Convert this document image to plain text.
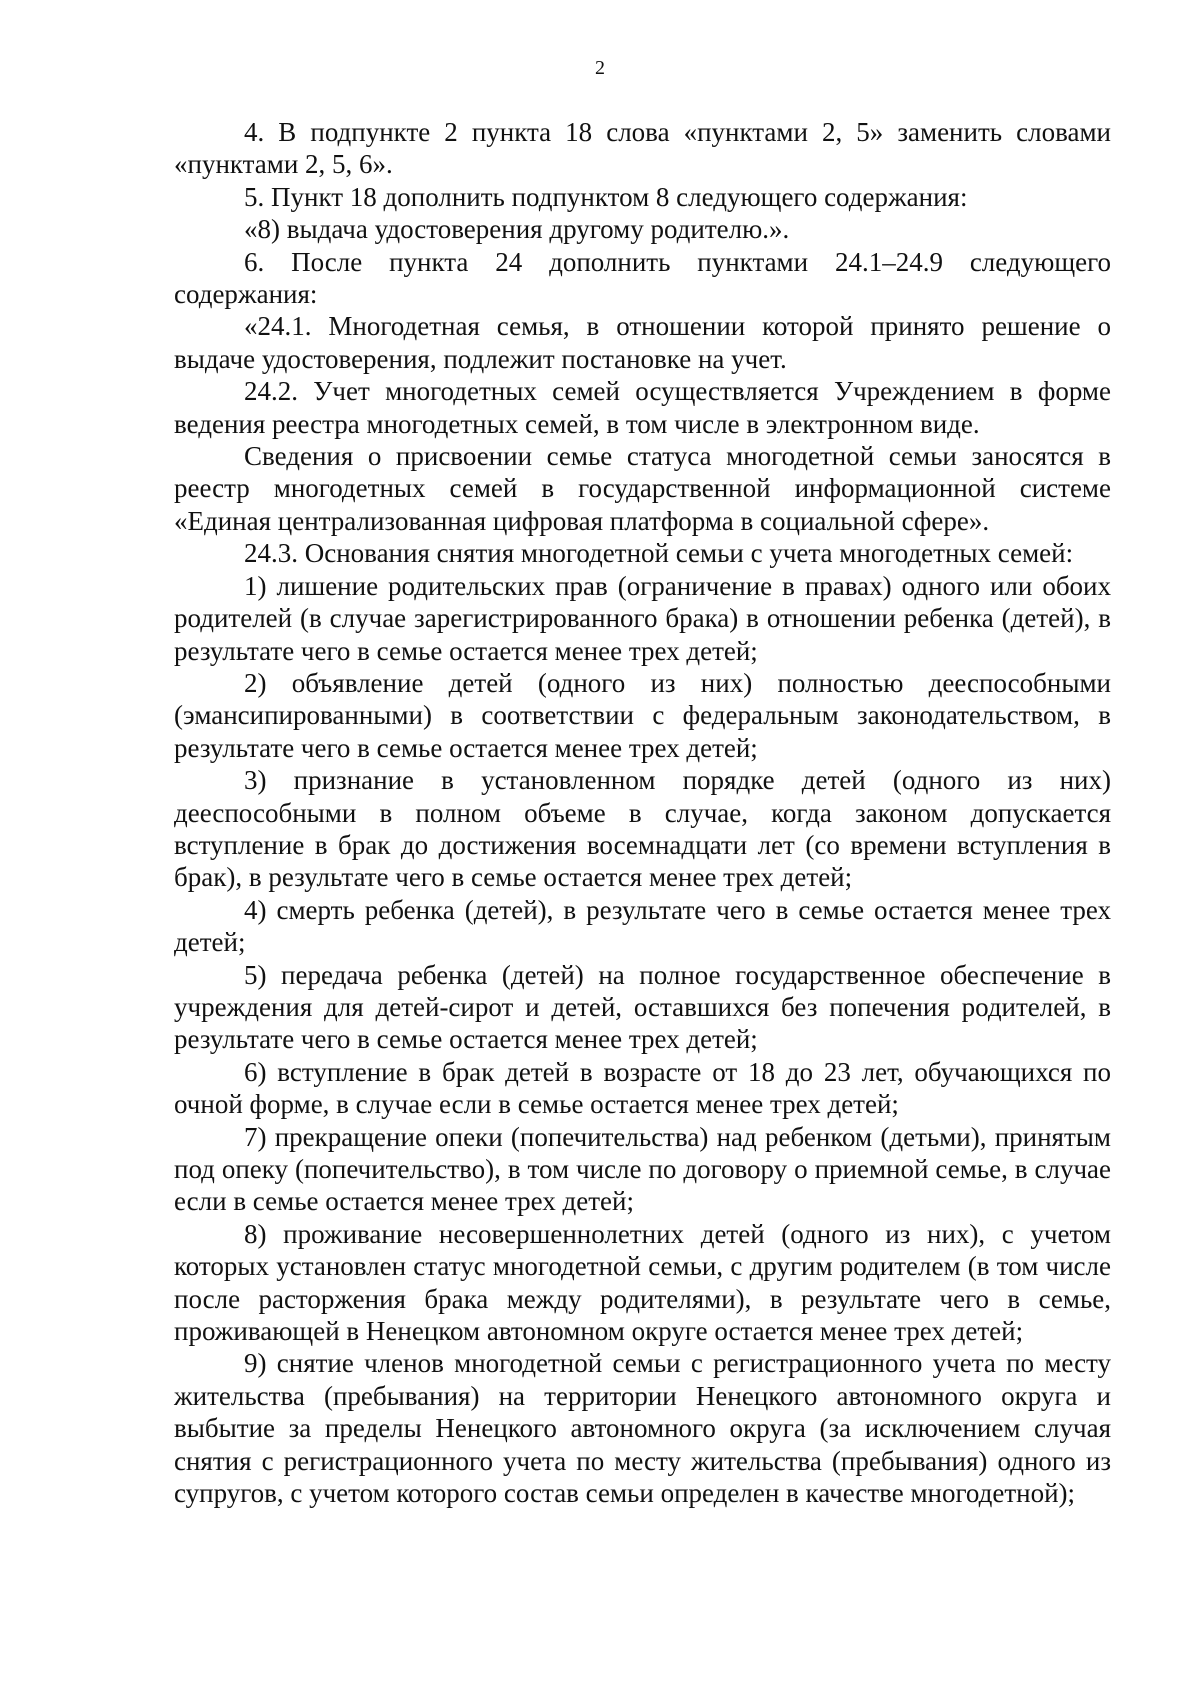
2

4. В подпункте 2 пункта 18 слова «пунктами 2, 5» заменить словами «пунктами 2, 5, 6».

5. Пункт 18 дополнить подпунктом 8 следующего содержания:

«8) выдача удостоверения другому родителю.».

6. После пункта 24 дополнить пунктами 24.1–24.9 следующего содержания:

«24.1. Многодетная семья, в отношении которой принято решение о выдаче удостоверения, подлежит постановке на учет.

24.2. Учет многодетных семей осуществляется Учреждением в форме ведения реестра многодетных семей, в том числе в электронном виде.

Сведения о присвоении семье статуса многодетной семьи заносятся в реестр многодетных семей в государственной информационной системе «Единая централизованная цифровая платформа в социальной сфере».

24.3. Основания снятия многодетной семьи с учета многодетных семей:

1) лишение родительских прав (ограничение в правах) одного или обоих родителей (в случае зарегистрированного брака) в отношении ребенка (детей), в результате чего в семье остается менее трех детей;

2) объявление детей (одного из них) полностью дееспособными (эмансипированными) в соответствии с федеральным законодательством, в результате чего в семье остается менее трех детей;

3) признание в установленном порядке детей (одного из них) дееспособными в полном объеме в случае, когда законом допускается вступление в брак до достижения восемнадцати лет (со времени вступления в брак), в результате чего в семье остается менее трех детей;

4) смерть ребенка (детей), в результате чего в семье остается менее трех детей;

5) передача ребенка (детей) на полное государственное обеспечение в учреждения для детей-сирот и детей, оставшихся без попечения родителей, в результате чего в семье остается менее трех детей;

6) вступление в брак детей в возрасте от 18 до 23 лет, обучающихся по очной форме, в случае если в семье остается менее трех детей;

7) прекращение опеки (попечительства) над ребенком (детьми), принятым под опеку (попечительство), в том числе по договору о приемной семье, в случае если в семье остается менее трех детей;

8) проживание несовершеннолетних детей (одного из них), с учетом которых установлен статус многодетной семьи, с другим родителем (в том числе после расторжения брака между родителями), в результате чего в семье, проживающей в Ненецком автономном округе остается менее трех детей;

9) снятие членов многодетной семьи с регистрационного учета по месту жительства (пребывания) на территории Ненецкого автономного округа и выбытие за пределы Ненецкого автономного округа (за исключением случая снятия с регистрационного учета по месту жительства (пребывания) одного из супругов, с учетом которого состав семьи определен в качестве многодетной);
